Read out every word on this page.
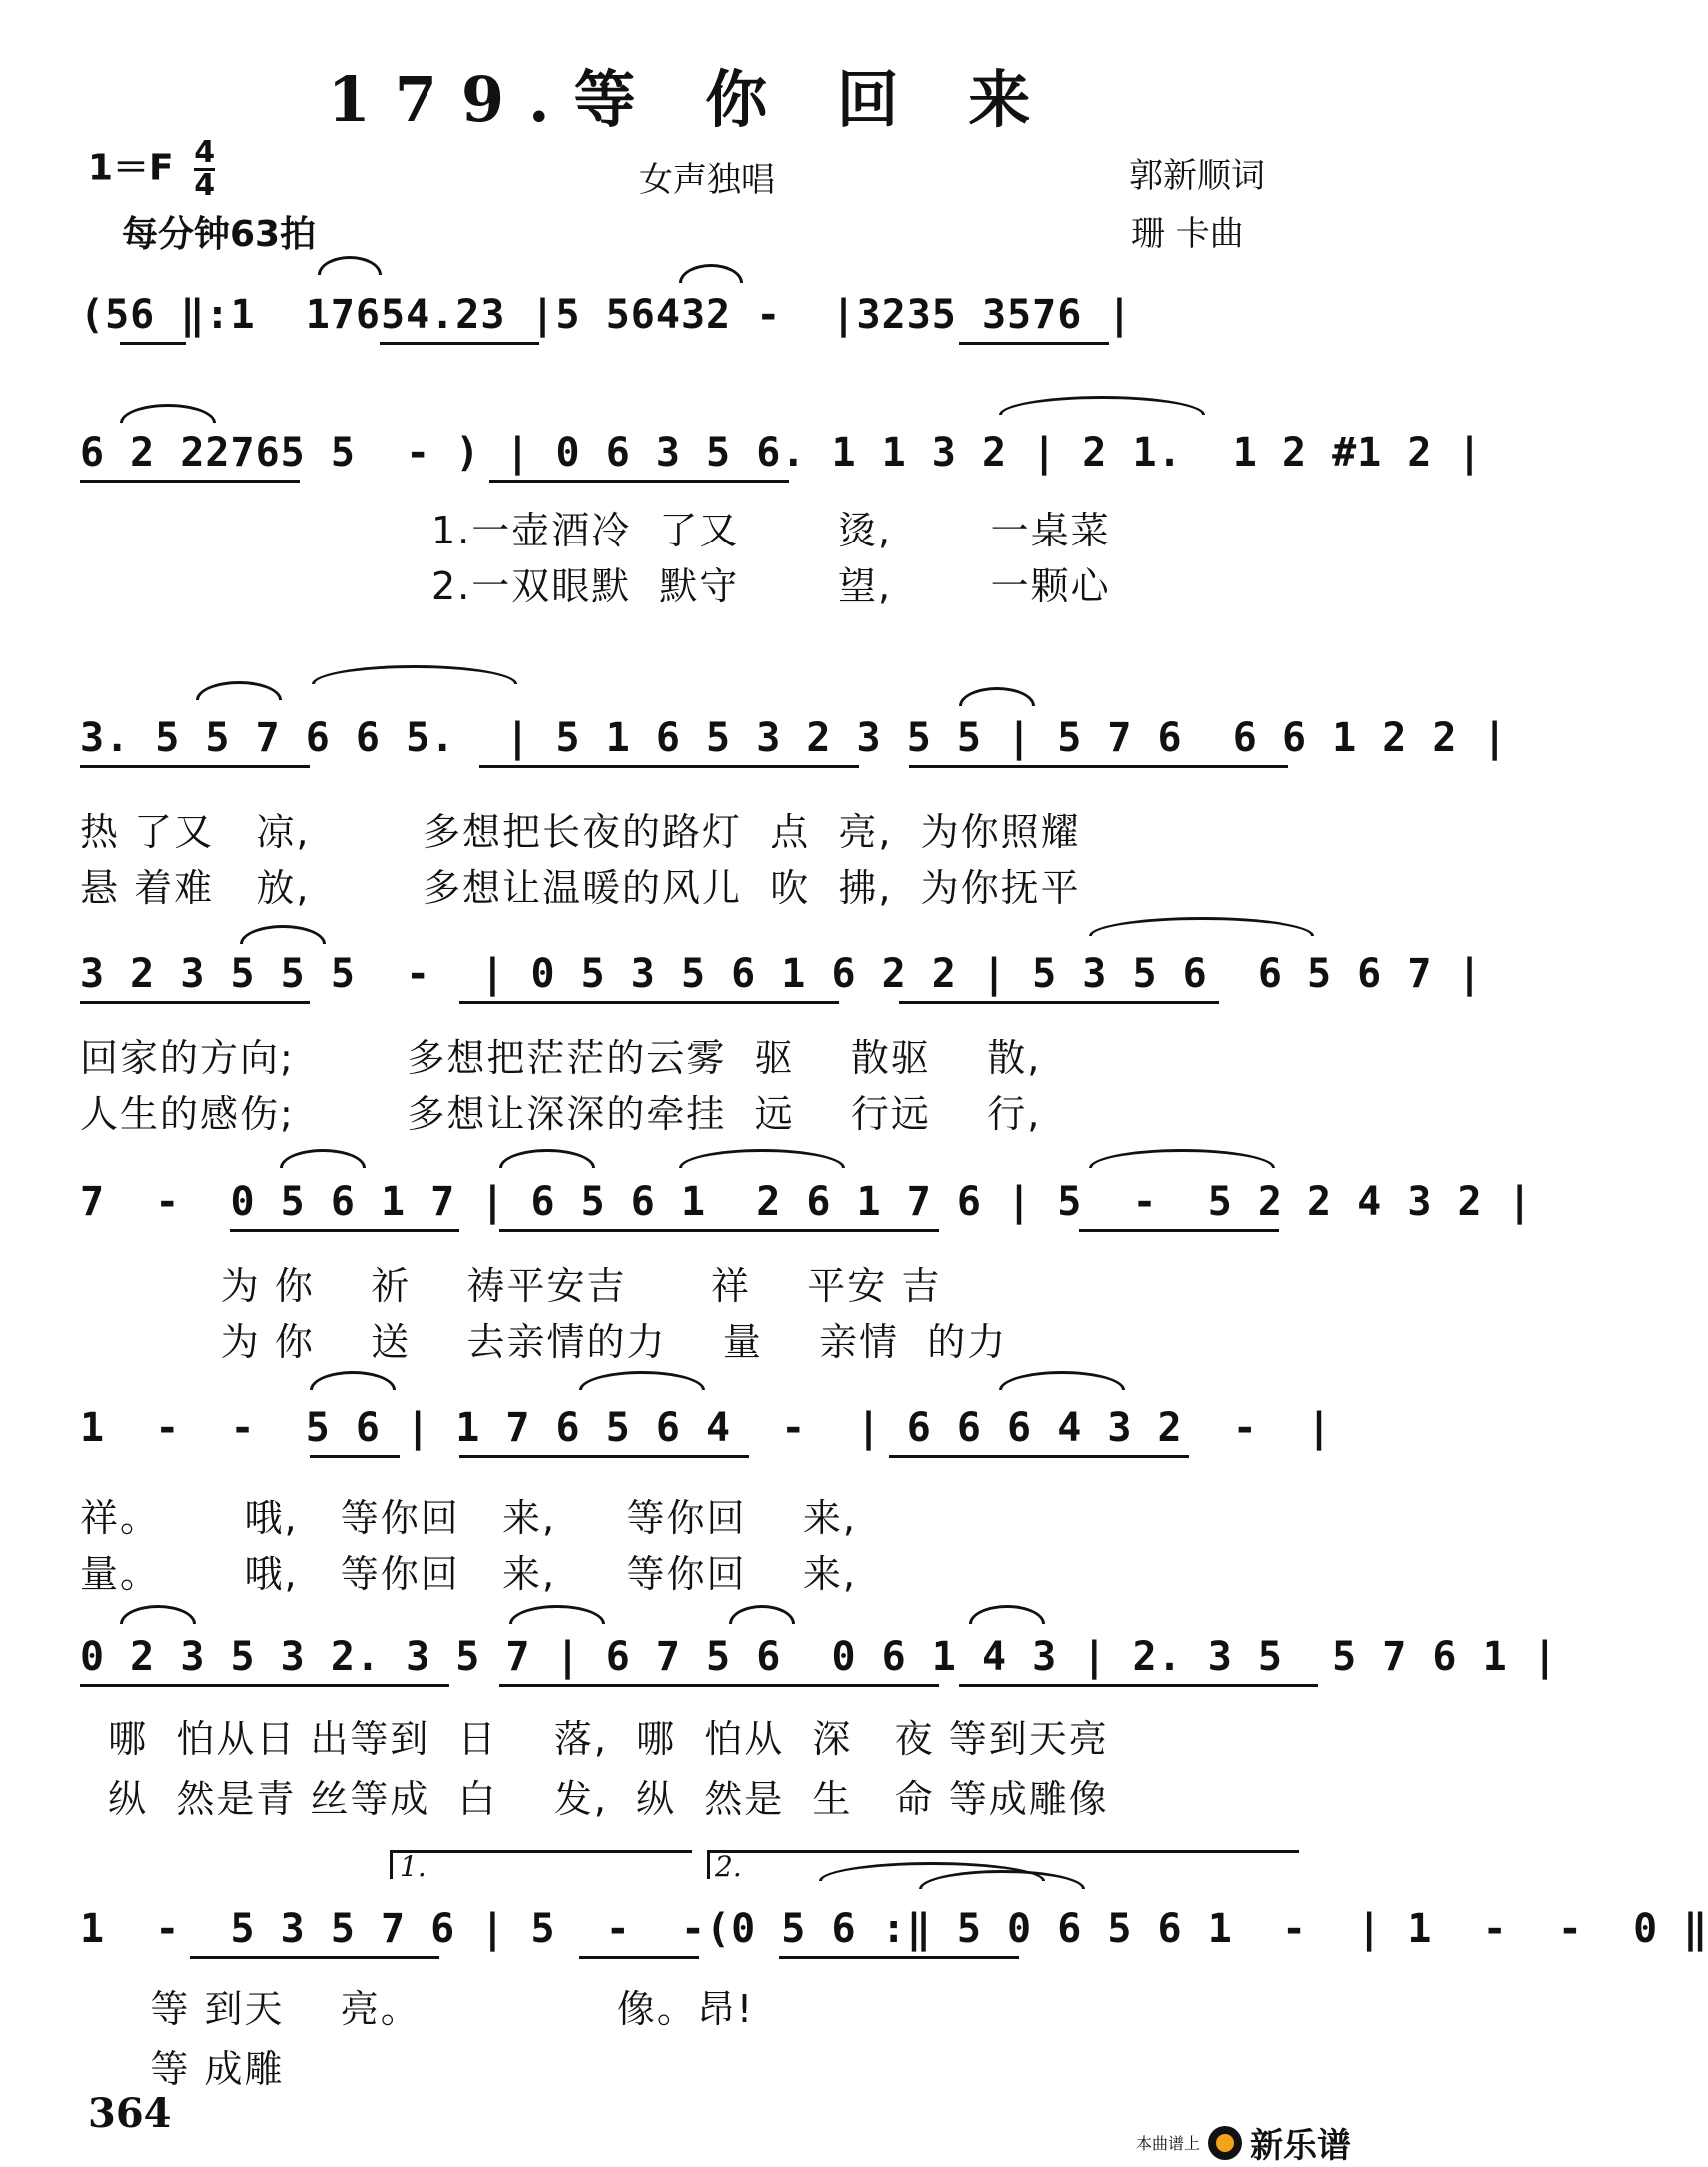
179.等 你 回 来
$1=F \frac{4}{4}$
每分钟63拍
女声独唱	郭新顺词
珊 卡曲
(56 ‖:1  17654.23 |5 56432 -  |3235 3576 |
6 2 22765 5  - ) | 0 6 3 5 6. 1 1 3 2 | 2 1.  1 2 #1 2 |
1.一壶酒冷  了又       烫,       一桌菜
2.一双眼默  默守       望,       一颗心
3. 5 5 7 6 6 5.  | 5 1 6 5 3 2 3 5 5 | 5 7 6  6 6 1 2 2 |
热 了又   凉,        多想把长夜的路灯  点  亮,  为你照耀
悬 着难   放,        多想让温暖的风儿  吹  拂,  为你抚平
3 2 3 5 5 5  -  | 0 5 3 5 6 1 6 2 2 | 5 3 5 6  6 5 6 7 |
回家的方向;        多想把茫茫的云雾  驱    散驱    散,
人生的感伤;        多想让深深的牵挂  远    行远    行,
7  -  0 5 6 1 7 | 6 5 6 1  2 6 1 7 6 | 5  -  5 2 2 4 3 2 |
为 你    祈    祷平安吉      祥    平安 吉
为 你    送    去亲情的力    量    亲情  的力
1  -  -  5 6 | 1 7 6 5 6 4  -  | 6 6 6 4 3 2  -  |
祥。      哦,   等你回   来,     等你回    来,
量。      哦,   等你回   来,     等你回    来,
0 2 3 5 3 2. 3 5 7 | 6 7 5 6  0 6 1 4 3 | 2. 3 5  5 7 6 1 |
哪  怕从日 出等到  日    落,  哪  怕从  深   夜 等到天亮
纵  然是青 丝等成  白    发,  纵  然是  生   命 等成雕像
1.	2.
1  -  5 3 5 7 6 | 5  -  -(0 5 6 :‖ 5 0 6 5 6 1  -  | 1  -  -  0 ‖
等 到天    亮。              像。昂!
等 成雕
364
本曲谱上 新乐谱
